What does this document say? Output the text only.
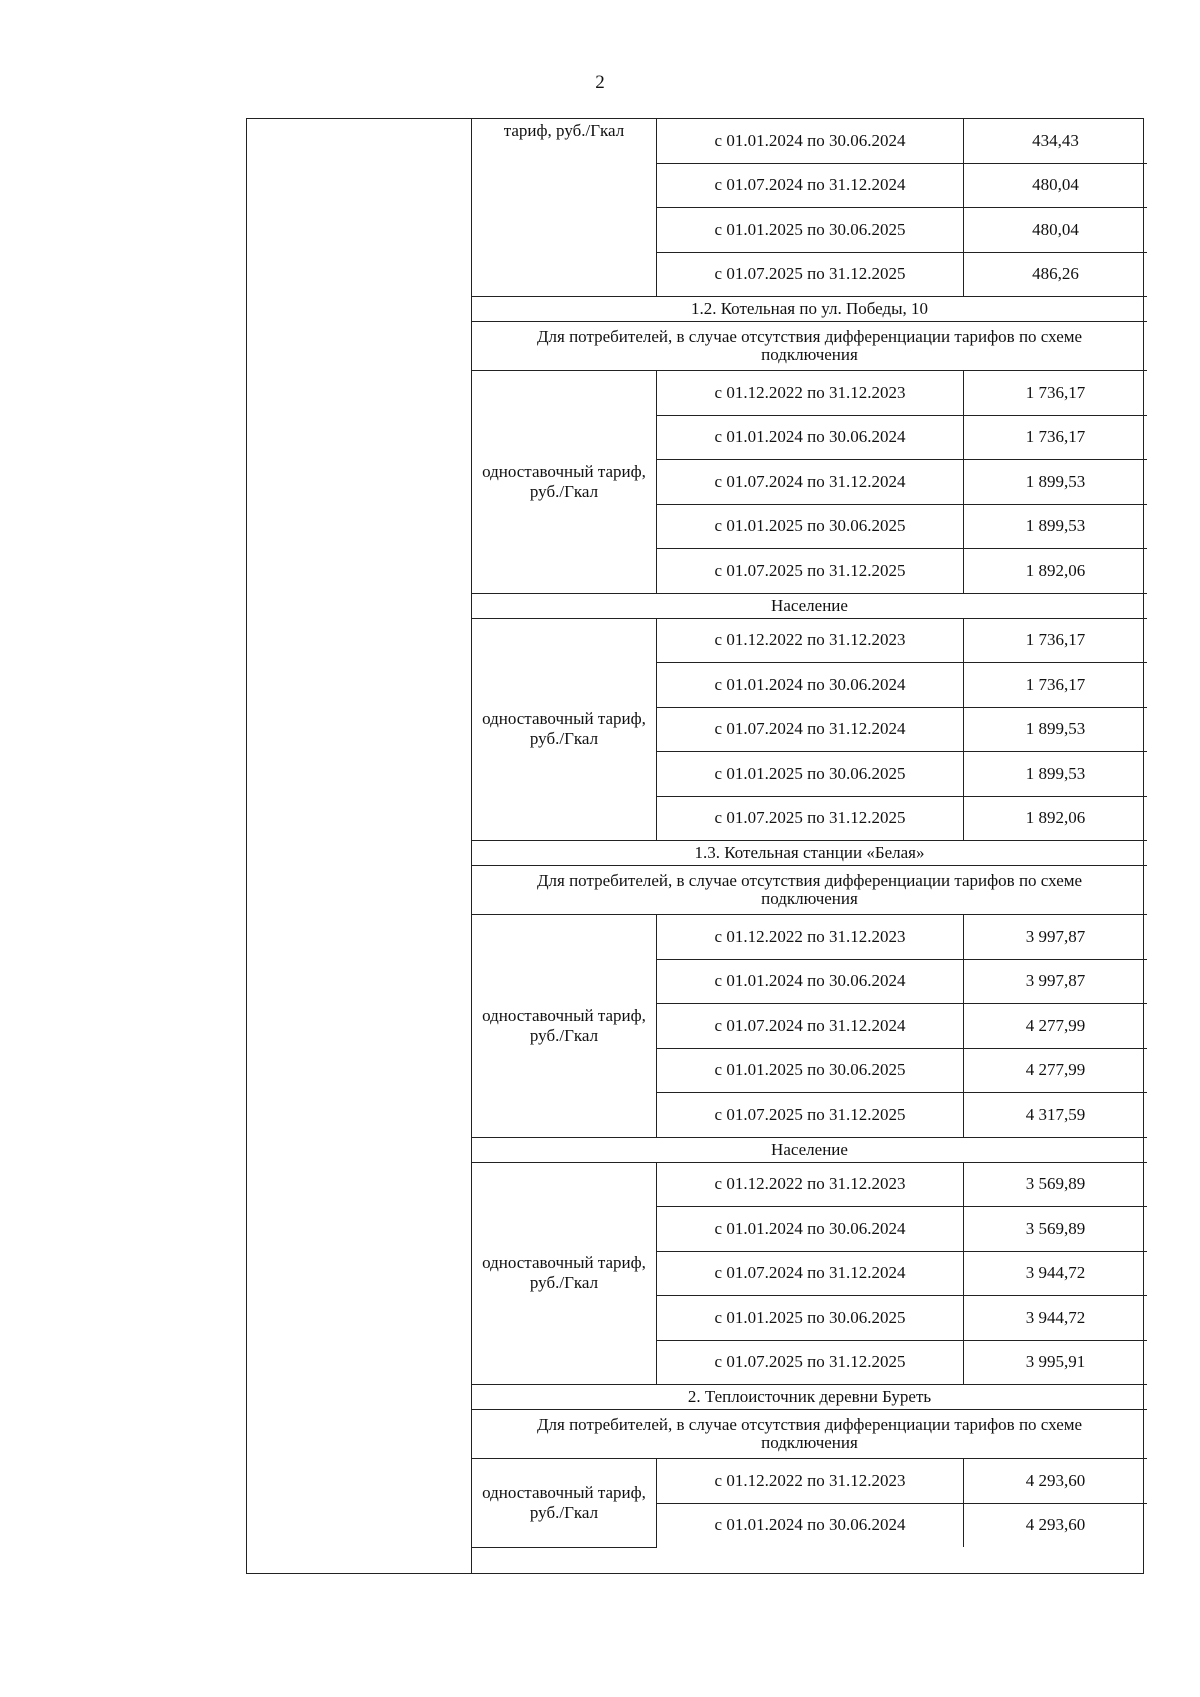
2
тариф, руб./Гкал	с 01.01.2024 по 30.06.2024	434,43
	с 01.07.2024 по 31.12.2024	480,04
	с 01.01.2025 по 30.06.2025	480,04
	с 01.07.2025 по 31.12.2025	486,26
1.2. Котельная по ул. Победы, 10		
Для потребителей, в случае отсутствия дифференциации тарифов по схеме подключения		
одноставочный тариф, руб./Гкал	с 01.12.2022 по 31.12.2023	1 736,17
	с 01.01.2024 по 30.06.2024	1 736,17
	с 01.07.2024 по 31.12.2024	1 899,53
	с 01.01.2025 по 30.06.2025	1 899,53
	с 01.07.2025 по 31.12.2025	1 892,06
Население		
одноставочный тариф, руб./Гкал	с 01.12.2022 по 31.12.2023	1 736,17
	с 01.01.2024 по 30.06.2024	1 736,17
	с 01.07.2024 по 31.12.2024	1 899,53
	с 01.01.2025 по 30.06.2025	1 899,53
	с 01.07.2025 по 31.12.2025	1 892,06
1.3. Котельная станции «Белая»		
Для потребителей, в случае отсутствия дифференциации тарифов по схеме подключения		
одноставочный тариф, руб./Гкал	с 01.12.2022 по 31.12.2023	3 997,87
	с 01.01.2024 по 30.06.2024	3 997,87
	с 01.07.2024 по 31.12.2024	4 277,99
	с 01.01.2025 по 30.06.2025	4 277,99
	с 01.07.2025 по 31.12.2025	4 317,59
Население		
одноставочный тариф, руб./Гкал	с 01.12.2022 по 31.12.2023	3 569,89
	с 01.01.2024 по 30.06.2024	3 569,89
	с 01.07.2024 по 31.12.2024	3 944,72
	с 01.01.2025 по 30.06.2025	3 944,72
	с 01.07.2025 по 31.12.2025	3 995,91
2. Теплоисточник деревни Буреть		
Для потребителей, в случае отсутствия дифференциации тарифов по схеме подключения		
одноставочный тариф, руб./Гкал	с 01.12.2022 по 31.12.2023	4 293,60
	с 01.01.2024 по 30.06.2024	4 293,60
